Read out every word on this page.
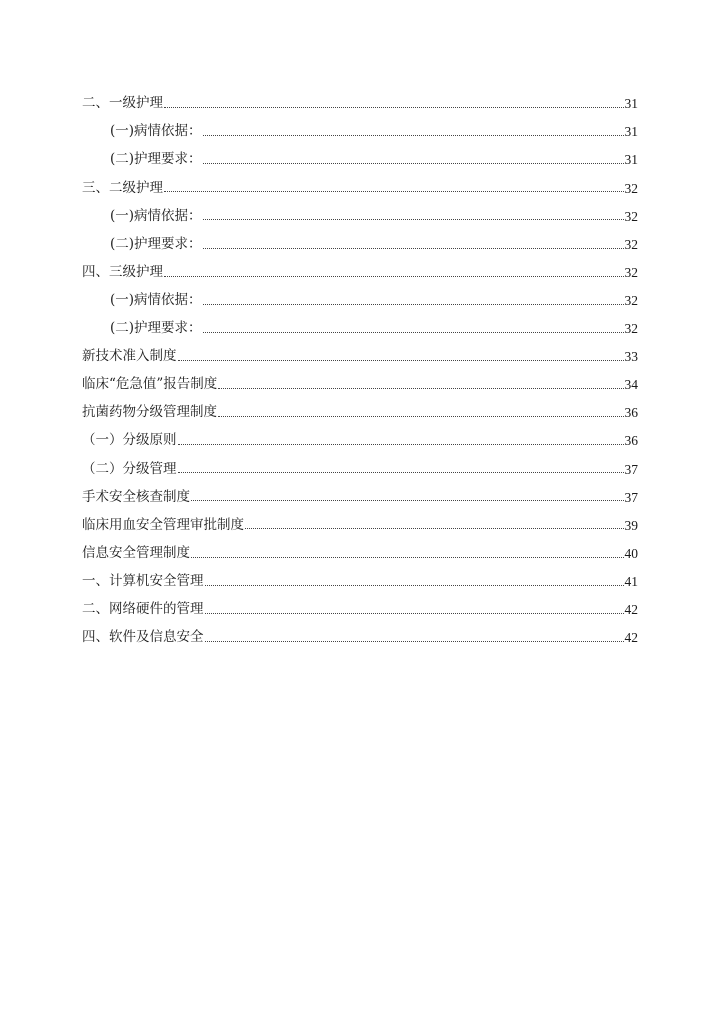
二、一级护理	31
(一)病情依据：	31
(二)护理要求：	31
三、二级护理	32
(一)病情依据：	32
(二)护理要求：	32
四、三级护理	32
(一)病情依据：	32
(二)护理要求：	32
新技术准入制度	33
临床“危急值”报告制度	34
抗菌药物分级管理制度	36
（一）分级原则	36
（二）分级管理	37
手术安全核查制度	37
临床用血安全管理审批制度	39
信息安全管理制度	40
一、计算机安全管理	41
二、网络硬件的管理	42
四、软件及信息安全	42
